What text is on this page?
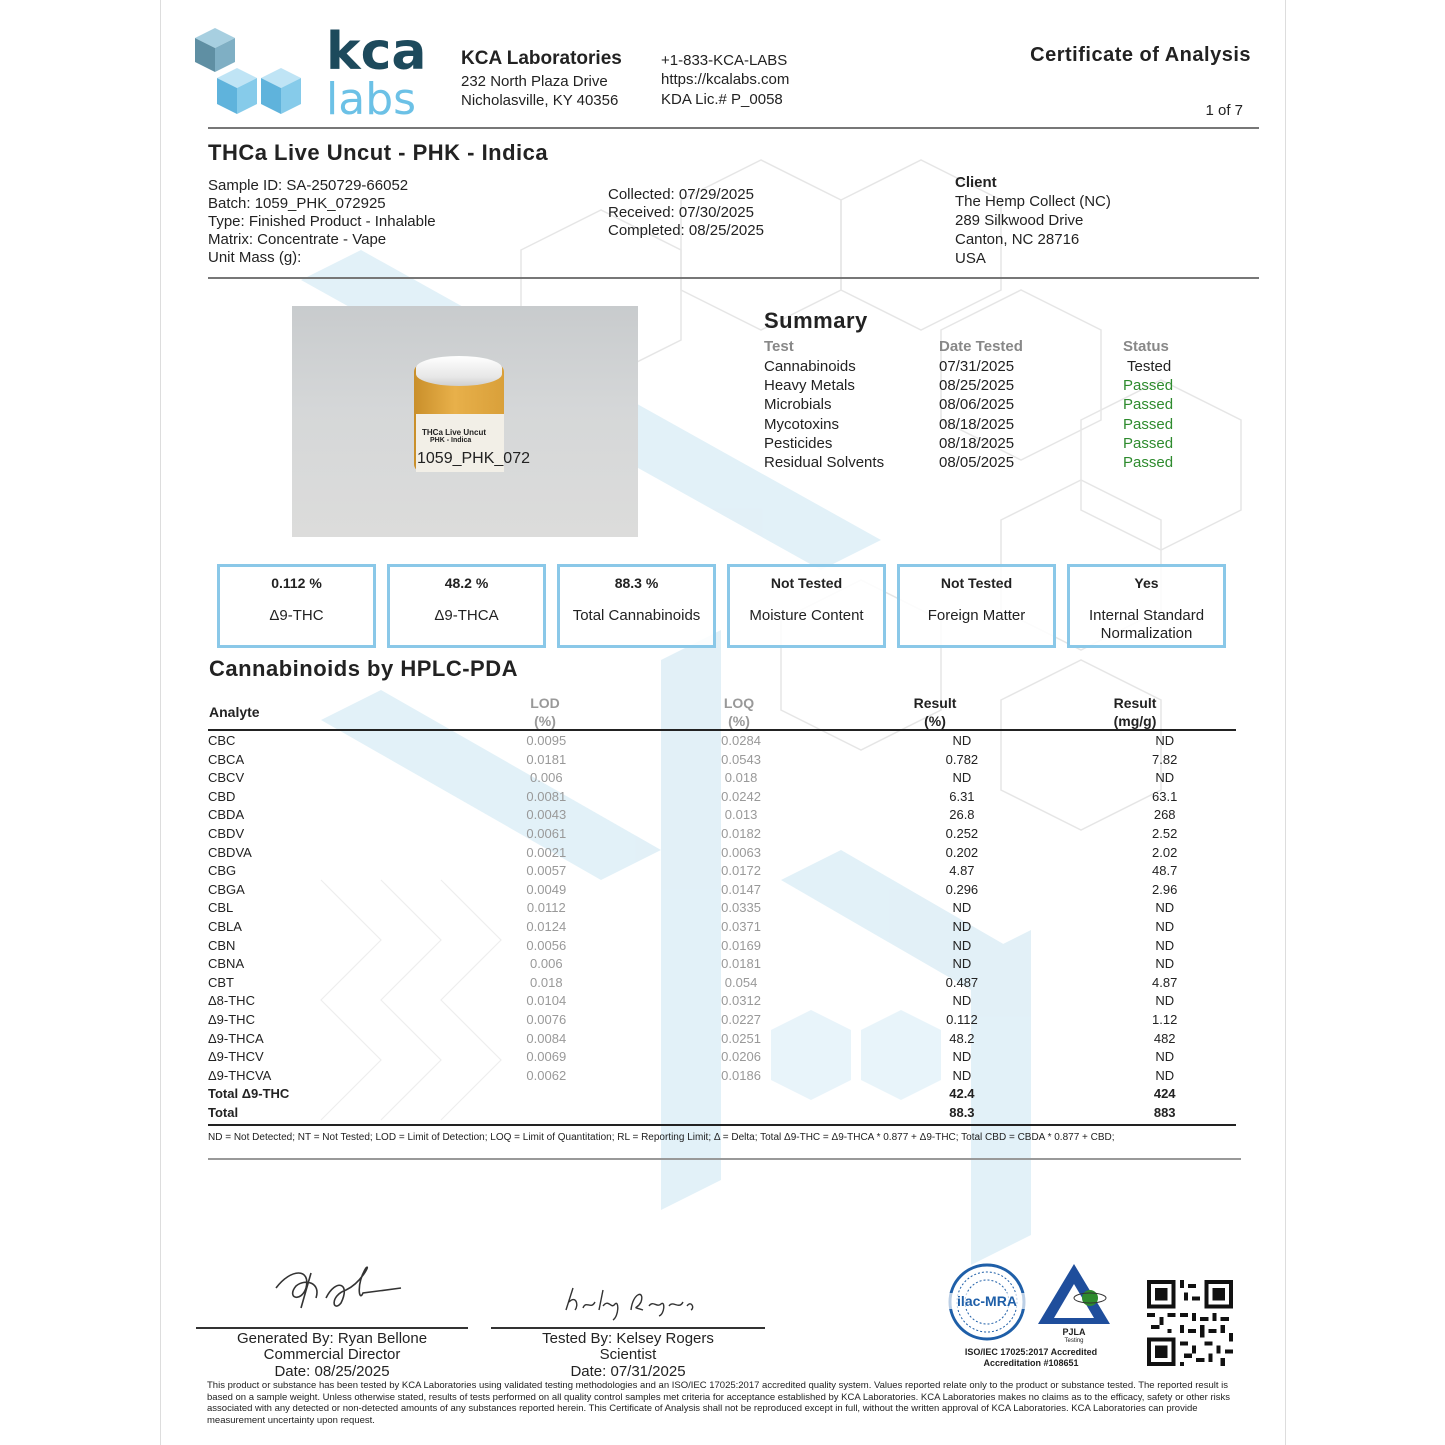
kca
labs
KCA Laboratories
232 North Plaza Drive
Nicholasville, KY 40356
+1-833-KCA-LABS
https://kcalabs.com
KDA Lic.# P_0058
Certificate of Analysis
1 of 7
THCa Live Uncut - PHK - Indica
Sample ID: SA-250729-66052
Batch: 1059_PHK_072925
Type: Finished Product - Inhalable
Matrix: Concentrate - Vape
Unit Mass (g):
Collected: 07/29/2025
Received: 07/30/2025
Completed: 08/25/2025
Client
The Hemp Collect (NC)
289 Silkwood Drive
Canton, NC 28716
USA
THCa Live Uncut
PHK - Indica
1059_PHK_072
Summary
Test	Date Tested	Status
Cannabinoids	07/31/2025	Tested
Heavy Metals	08/25/2025	Passed
Microbials	08/06/2025	Passed
Mycotoxins	08/18/2025	Passed
Pesticides	08/18/2025	Passed
Residual Solvents	08/05/2025	Passed
0.112 %
Δ9-THC
48.2 %
Δ9-THCA
88.3 %
Total Cannabinoids
Not Tested
Moisture Content
Not Tested
Foreign Matter
Yes
Internal Standard
Normalization
Cannabinoids by HPLC-PDA
Analyte
LOD
(%)
LOQ
(%)
Result
(%)
Result
(mg/g)
CBC	0.0095		0.0284		ND		ND
CBCA	0.0181		0.0543		0.782		7.82
CBCV	0.006		0.018		ND		ND
CBD	0.0081		0.0242		6.31		63.1
CBDA	0.0043		0.013		26.8		268
CBDV	0.0061		0.0182		0.252		2.52
CBDVA	0.0021		0.0063		0.202		2.02
CBG	0.0057		0.0172		4.87		48.7
CBGA	0.0049		0.0147		0.296		2.96
CBL	0.0112		0.0335		ND		ND
CBLA	0.0124		0.0371		ND		ND
CBN	0.0056		0.0169		ND		ND
CBNA	0.006		0.0181		ND		ND
CBT	0.018		0.054		0.487		4.87
Δ8-THC	0.0104		0.0312		ND		ND
Δ9-THC	0.0076		0.0227		0.112		1.12
Δ9-THCA	0.0084		0.0251		48.2		482
Δ9-THCV	0.0069		0.0206		ND		ND
Δ9-THCVA	0.0062		0.0186		ND		ND
Total Δ9-THC					42.4		424
Total					88.3		883
ND = Not Detected; NT = Not Tested; LOD = Limit of Detection; LOQ = Limit of Quantitation; RL = Reporting Limit; Δ = Delta; Total Δ9-THC = Δ9-THCA * 0.877 + Δ9-THC; Total CBD = CBDA * 0.877 + CBD;
Generated By: Ryan Bellone
Commercial Director
Date: 08/25/2025
Tested By: Kelsey Rogers
Scientist
Date: 07/31/2025
ilac-MRA
PJLA
Testing
ISO/IEC 17025:2017 Accredited
Accreditation #108651
This product or substance has been tested by KCA Laboratories using validated testing methodologies and an ISO/IEC 17025:2017 accredited quality system. Values reported relate only to the product or substance tested. The reported result is based on a sample weight. Unless otherwise stated, results of tests performed on all quality control samples met criteria for acceptance established by KCA Laboratories. KCA Laboratories makes no claims as to the efficacy, safety or other risks associated with any detected or non-detected amounts of any substances reported herein. This Certificate of Analysis shall not be reproduced except in full, without the written approval of KCA Laboratories. KCA Laboratories can provide measurement uncertainty upon request.
